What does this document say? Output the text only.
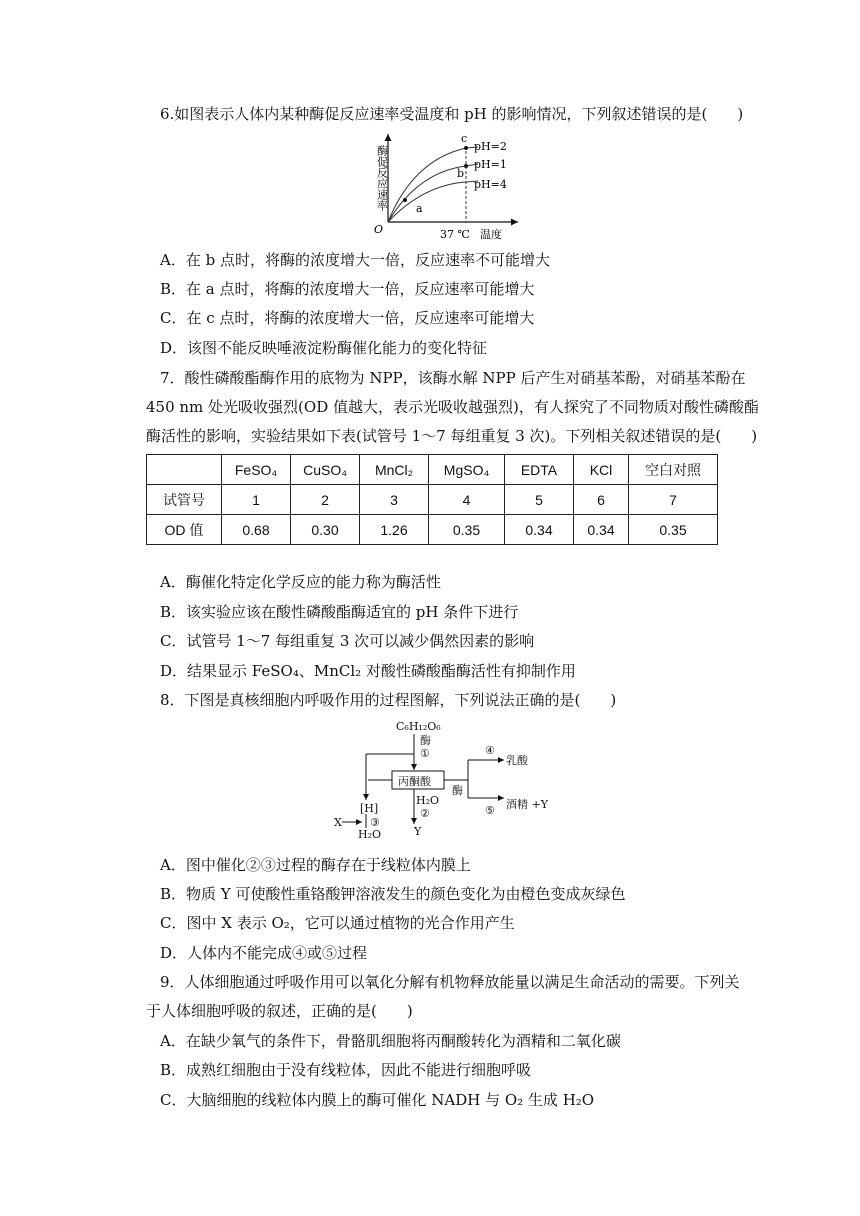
6.如图表示人体内某种酶促反应速率受温度和 pH 的影响情况，下列叙述错误的是(　　)
酶促反应速率
O	37 ℃ 温度
pH=2
pH=1
pH=4
c
b
a
A．在 b 点时，将酶的浓度增大一倍，反应速率不可能增大
B．在 a 点时，将酶的浓度增大一倍，反应速率可能增大
C．在 c 点时，将酶的浓度增大一倍，反应速率可能增大
D．该图不能反映唾液淀粉酶催化能力的变化特征
7．酸性磷酸酯酶作用的底物为 NPP，该酶水解 NPP 后产生对硝基苯酚，对硝基苯酚在
450 nm 处光吸收强烈(OD 值越大，表示光吸收越强烈)，有人探究了不同物质对酸性磷酸酯
酶活性的影响，实验结果如下表(试管号 1～7 每组重复 3 次)。下列相关叙述错误的是(　　)
	FeSO₄	CuSO₄	MnCl₂	MgSO₄	EDTA	KCl	空白对照
试管号	1	2	3	4	5	6	7
OD 值	0.68	0.30	1.26	0.35	0.34	0.34	0.35
A．酶催化特定化学反应的能力称为酶活性
B．该实验应该在酸性磷酸酯酶适宜的 pH 条件下进行
C．试管号 1～7 每组重复 3 次可以减少偶然因素的影响
D．结果显示 FeSO₄、MnCl₂ 对酸性磷酸酯酶活性有抑制作用
8．下图是真核细胞内呼吸作用的过程图解，下列说法正确的是(　　)
C₆H₁₂O₆
酶
①
丙酮酸
酶
④
乳酸
⑤ 酒精 +Y
[H]
H₂O
②
Y
X	③
H₂O
A．图中催化②③过程的酶存在于线粒体内膜上
B．物质 Y 可使酸性重铬酸钾溶液发生的颜色变化为由橙色变成灰绿色
C．图中 X 表示 O₂，它可以通过植物的光合作用产生
D．人体内不能完成④或⑤过程
9．人体细胞通过呼吸作用可以氧化分解有机物释放能量以满足生命活动的需要。下列关
于人体细胞呼吸的叙述，正确的是(　　)
A．在缺少氧气的条件下，骨骼肌细胞将丙酮酸转化为酒精和二氧化碳
B．成熟红细胞由于没有线粒体，因此不能进行细胞呼吸
C．大脑细胞的线粒体内膜上的酶可催化 NADH 与 O₂ 生成 H₂O
